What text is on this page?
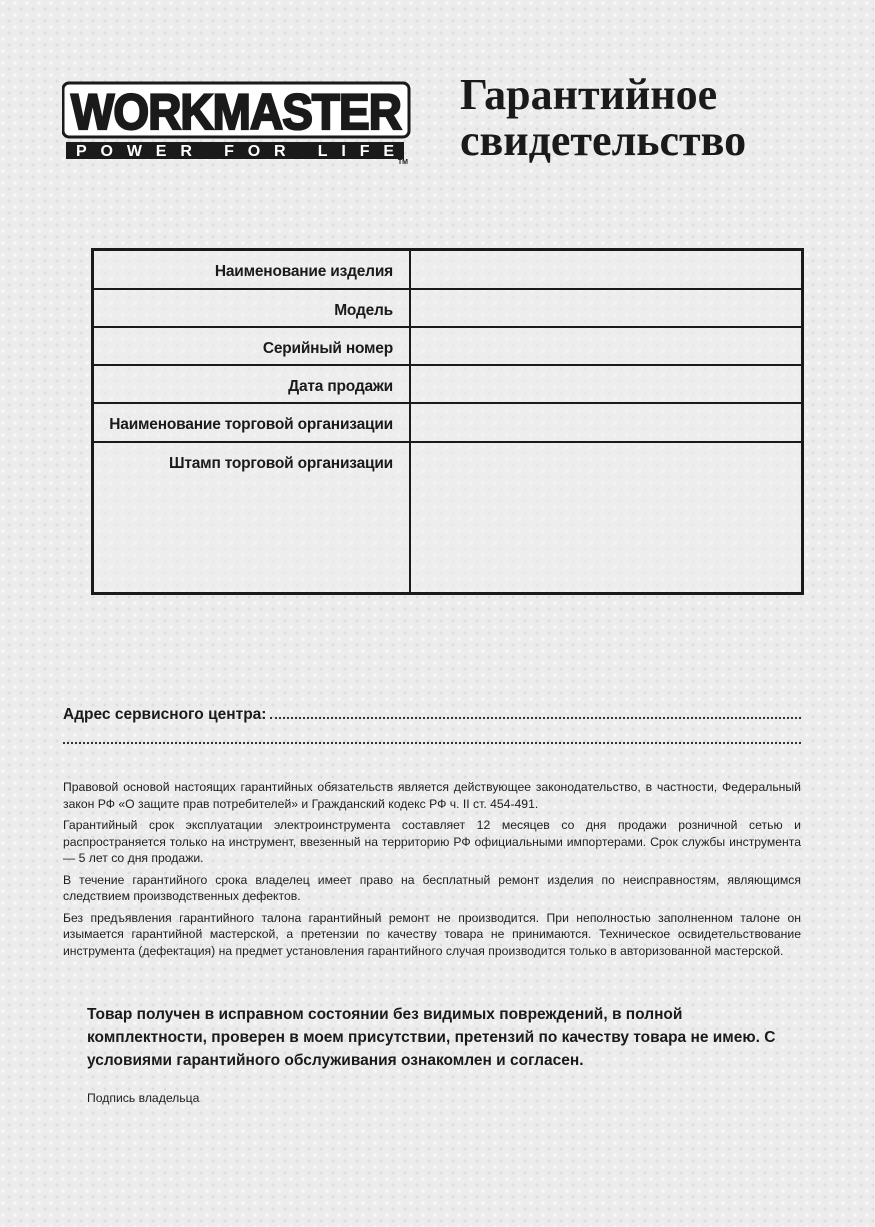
WORKMASTER
POWER FOR LIFE
TM
Гарантийное
свидетельство
Наименование изделия
Модель
Серийный номер
Дата продажи
Наименование торговой организации
Штамп торговой организации
Адрес сервисного центра:

Правовой основой настоящих гарантийных обязательств является действующее законодательство, в частности, Федеральный закон РФ «О защите прав потребителей» и Гражданский кодекс РФ ч. II ст. 454-491.

Гарантийный срок эксплуатации электроинструмента составляет 12 месяцев со дня продажи розничной сетью и распространяется только на инструмент, ввезенный на территорию РФ официальными импортерами. Срок службы инструмента — 5 лет со дня продажи.

В течение гарантийного срока владелец имеет право на бесплатный ремонт изделия по неисправностям, являющимся следствием производственных дефектов.

Без предъявления гарантийного талона гарантийный ремонт не производится. При неполностью заполненном талоне он изымается гарантийной мастерской, а претензии по качеству товара не принимаются. Техническое освидетельствование инструмента (дефектация) на предмет установления гарантийного случая производится только в авторизованной мастерской.

Товар получен в исправном состоянии без видимых повреждений, в полной комплектности, проверен в моем присутствии, претензий по качеству товара не имею. С условиями гарантийного обслуживания ознакомлен и согласен.

Подпись владельца
